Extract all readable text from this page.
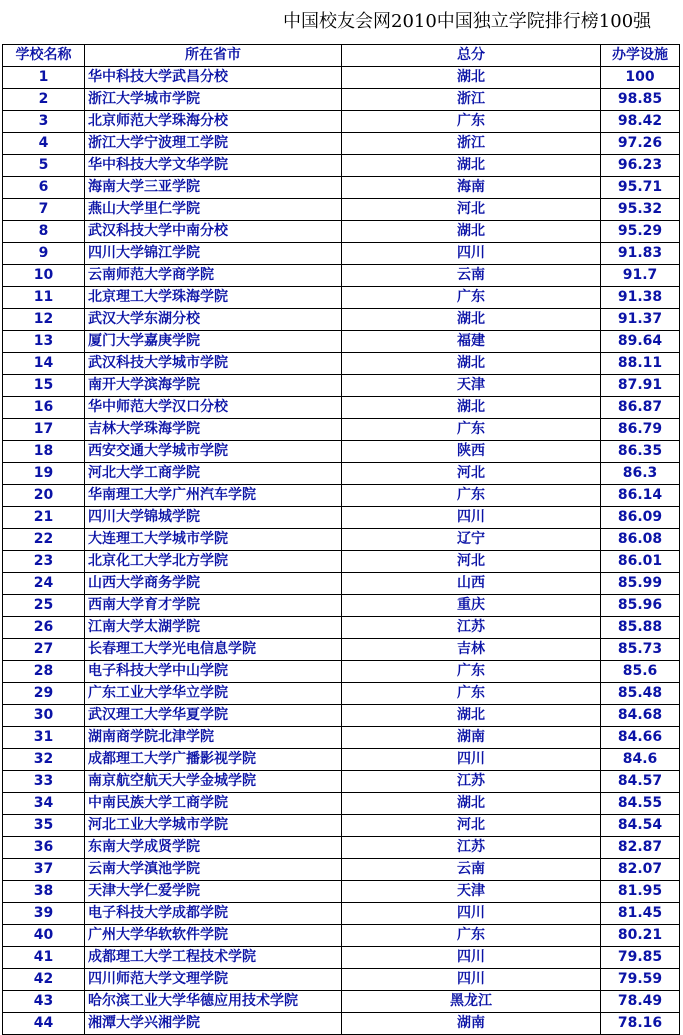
中国校友会网2010中国独立学院排行榜100强
学校名称	所在省市	总分	办学设施
1	华中科技大学武昌分校	湖北	100
2	浙江大学城市学院	浙江	98.85
3	北京师范大学珠海分校	广东	98.42
4	浙江大学宁波理工学院	浙江	97.26
5	华中科技大学文华学院	湖北	96.23
6	海南大学三亚学院	海南	95.71
7	燕山大学里仁学院	河北	95.32
8	武汉科技大学中南分校	湖北	95.29
9	四川大学锦江学院	四川	91.83
10	云南师范大学商学院	云南	91.7
11	北京理工大学珠海学院	广东	91.38
12	武汉大学东湖分校	湖北	91.37
13	厦门大学嘉庚学院	福建	89.64
14	武汉科技大学城市学院	湖北	88.11
15	南开大学滨海学院	天津	87.91
16	华中师范大学汉口分校	湖北	86.87
17	吉林大学珠海学院	广东	86.79
18	西安交通大学城市学院	陕西	86.35
19	河北大学工商学院	河北	86.3
20	华南理工大学广州汽车学院	广东	86.14
21	四川大学锦城学院	四川	86.09
22	大连理工大学城市学院	辽宁	86.08
23	北京化工大学北方学院	河北	86.01
24	山西大学商务学院	山西	85.99
25	西南大学育才学院	重庆	85.96
26	江南大学太湖学院	江苏	85.88
27	长春理工大学光电信息学院	吉林	85.73
28	电子科技大学中山学院	广东	85.6
29	广东工业大学华立学院	广东	85.48
30	武汉理工大学华夏学院	湖北	84.68
31	湖南商学院北津学院	湖南	84.66
32	成都理工大学广播影视学院	四川	84.6
33	南京航空航天大学金城学院	江苏	84.57
34	中南民族大学工商学院	湖北	84.55
35	河北工业大学城市学院	河北	84.54
36	东南大学成贤学院	江苏	82.87
37	云南大学滇池学院	云南	82.07
38	天津大学仁爱学院	天津	81.95
39	电子科技大学成都学院	四川	81.45
40	广州大学华软软件学院	广东	80.21
41	成都理工大学工程技术学院	四川	79.85
42	四川师范大学文理学院	四川	79.59
43	哈尔滨工业大学华德应用技术学院	黑龙江	78.49
44	湘潭大学兴湘学院	湖南	78.16
